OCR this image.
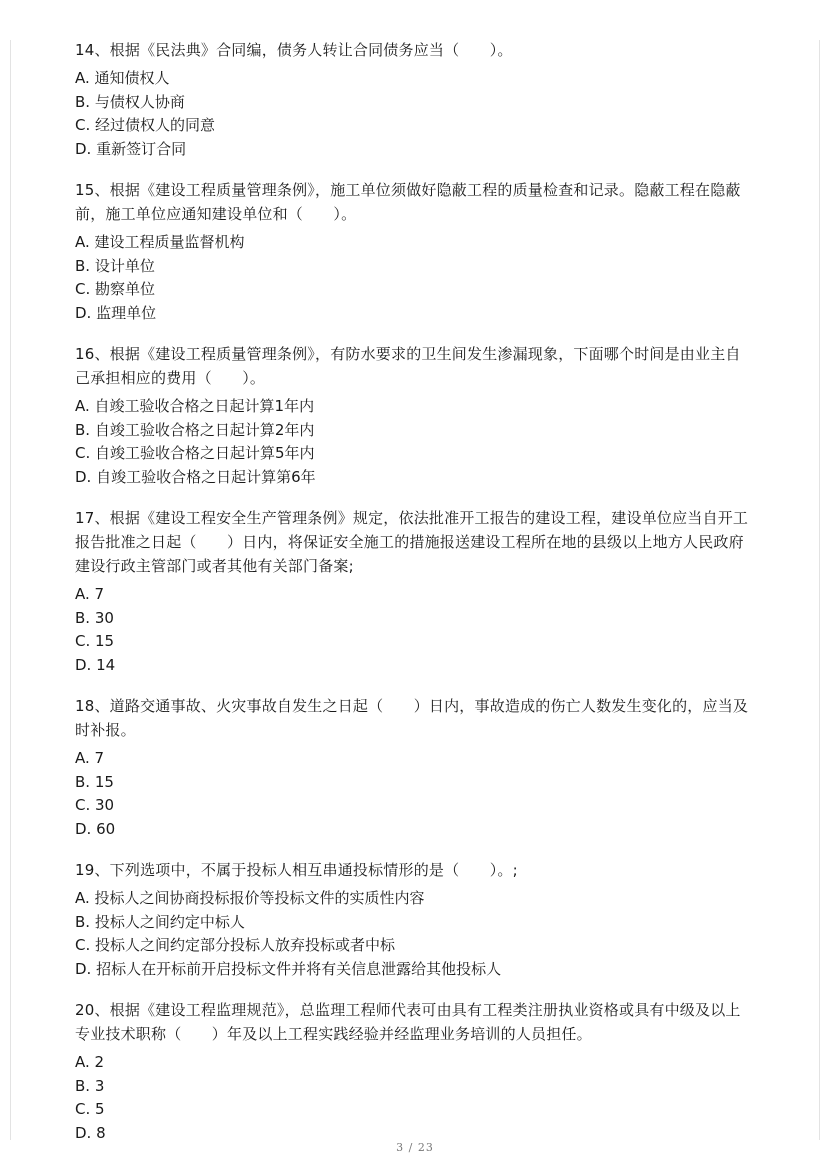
14、根据《民法典》合同编，债务人转让合同债务应当（　　）。

A. 通知债权人

B. 与债权人协商

C. 经过债权人的同意

D. 重新签订合同

15、根据《建设工程质量管理条例》，施工单位须做好隐蔽工程的质量检查和记录。隐蔽工程在隐蔽前，施工单位应通知建设单位和（　　）。

A. 建设工程质量监督机构

B. 设计单位

C. 勘察单位

D. 监理单位

16、根据《建设工程质量管理条例》，有防水要求的卫生间发生渗漏现象，下面哪个时间是由业主自己承担相应的费用（　　）。

A. 自竣工验收合格之日起计算1年内

B. 自竣工验收合格之日起计算2年内

C. 自竣工验收合格之日起计算5年内

D. 自竣工验收合格之日起计算第6年

17、根据《建设工程安全生产管理条例》规定，依法批准开工报告的建设工程，建设单位应当自开工报告批准之日起（　　）日内，将保证安全施工的措施报送建设工程所在地的县级以上地方人民政府建设行政主管部门或者其他有关部门备案;

A. 7

B. 30

C. 15

D. 14

18、道路交通事故、火灾事故自发生之日起（　　）日内，事故造成的伤亡人数发生变化的，应当及时补报。

A. 7

B. 15

C. 30

D. 60

19、下列选项中，不属于投标人相互串通投标情形的是（　　）。;

A. 投标人之间协商投标报价等投标文件的实质性内容

B. 投标人之间约定中标人

C. 投标人之间约定部分投标人放弃投标或者中标

D. 招标人在开标前开启投标文件并将有关信息泄露给其他投标人

20、根据《建设工程监理规范》，总监理工程师代表可由具有工程类注册执业资格或具有中级及以上专业技术职称（　　）年及以上工程实践经验并经监理业务培训的人员担任。

A. 2

B. 3

C. 5

D. 8

3 / 23
